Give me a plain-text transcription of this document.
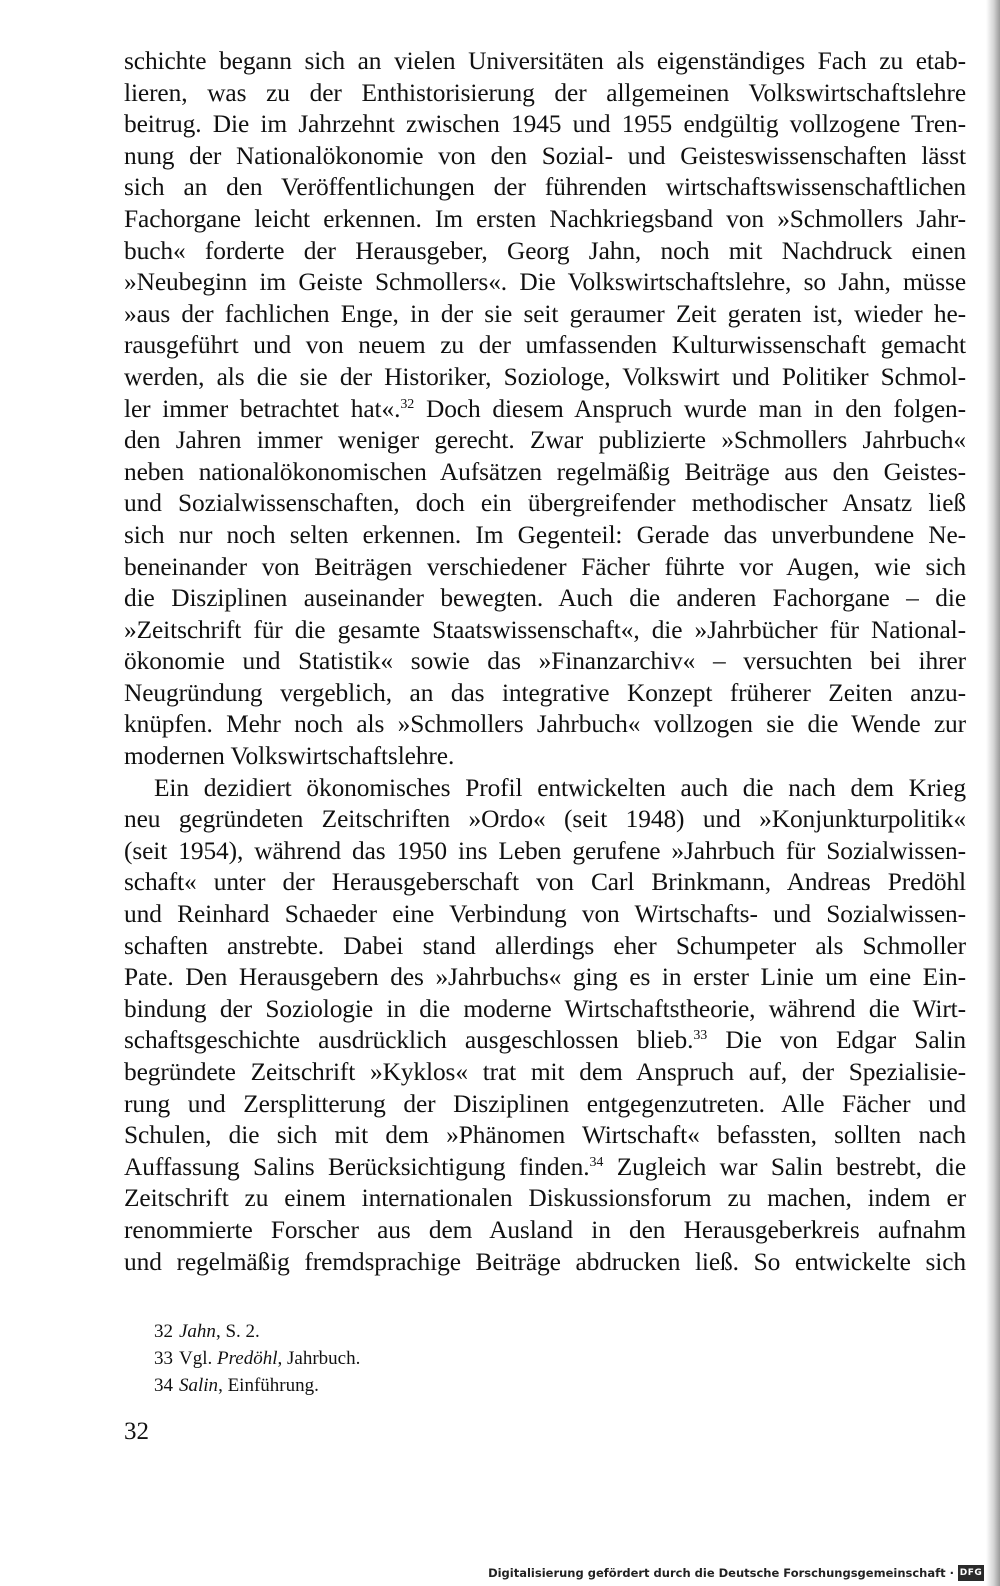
schichte begann sich an vielen Universitäten als eigenständiges Fach zu etab-
lieren, was zu der Enthistorisierung der allgemeinen Volkswirtschaftslehre
beitrug. Die im Jahrzehnt zwischen 1945 und 1955 endgültig vollzogene Tren-
nung der Nationalökonomie von den Sozial- und Geisteswissenschaften lässt
sich an den Veröffentlichungen der führenden wirtschaftswissenschaftlichen
Fachorgane leicht erkennen. Im ersten Nachkriegsband von »Schmollers Jahr-
buch« forderte der Herausgeber, Georg Jahn, noch mit Nachdruck einen
»Neubeginn im Geiste Schmollers«. Die Volkswirtschaftslehre, so Jahn, müsse
»aus der fachlichen Enge, in der sie seit geraumer Zeit geraten ist, wieder he-
rausgeführt und von neuem zu der umfassenden Kulturwissenschaft gemacht
werden, als die sie der Historiker, Soziologe, Volkswirt und Politiker Schmol-
ler immer betrachtet hat«.$^{32}$ Doch diesem Anspruch wurde man in den folgen-
den Jahren immer weniger gerecht. Zwar publizierte »Schmollers Jahrbuch«
neben nationalökonomischen Aufsätzen regelmäßig Beiträge aus den Geistes-
und Sozialwissenschaften, doch ein übergreifender methodischer Ansatz ließ
sich nur noch selten erkennen. Im Gegenteil: Gerade das unverbundene Ne-
beneinander von Beiträgen verschiedener Fächer führte vor Augen, wie sich
die Disziplinen auseinander bewegten. Auch die anderen Fachorgane – die
»Zeitschrift für die gesamte Staatswissenschaft«, die »Jahrbücher für National-
ökonomie und Statistik« sowie das »Finanzarchiv« – versuchten bei ihrer
Neugründung vergeblich, an das integrative Konzept früherer Zeiten anzu-
knüpfen. Mehr noch als »Schmollers Jahrbuch« vollzogen sie die Wende zur
modernen Volkswirtschaftslehre.
Ein dezidiert ökonomisches Profil entwickelten auch die nach dem Krieg
neu gegründeten Zeitschriften »Ordo« (seit 1948) und »Konjunkturpolitik«
(seit 1954), während das 1950 ins Leben gerufene »Jahrbuch für Sozialwissen-
schaft« unter der Herausgeberschaft von Carl Brinkmann, Andreas Predöhl
und Reinhard Schaeder eine Verbindung von Wirtschafts- und Sozialwissen-
schaften anstrebte. Dabei stand allerdings eher Schumpeter als Schmoller
Pate. Den Herausgebern des »Jahrbuchs« ging es in erster Linie um eine Ein-
bindung der Soziologie in die moderne Wirtschaftstheorie, während die Wirt-
schaftsgeschichte ausdrücklich ausgeschlossen blieb.$^{33}$ Die von Edgar Salin
begründete Zeitschrift »Kyklos« trat mit dem Anspruch auf, der Spezialisie-
rung und Zersplitterung der Disziplinen entgegenzutreten. Alle Fächer und
Schulen, die sich mit dem »Phänomen Wirtschaft« befassten, sollten nach
Auffassung Salins Berücksichtigung finden.$^{34}$ Zugleich war Salin bestrebt, die
Zeitschrift zu einem internationalen Diskussionsforum zu machen, indem er
renommierte Forscher aus dem Ausland in den Herausgeberkreis aufnahm
und regelmäßig fremdsprachige Beiträge abdrucken ließ. So entwickelte sich
32 Jahn, S. 2.
33 Vgl. Predöhl, Jahrbuch.
34 Salin, Einführung.
32
Digitalisierung gefördert durch die Deutsche Forschungsgemeinschaft · DFG
